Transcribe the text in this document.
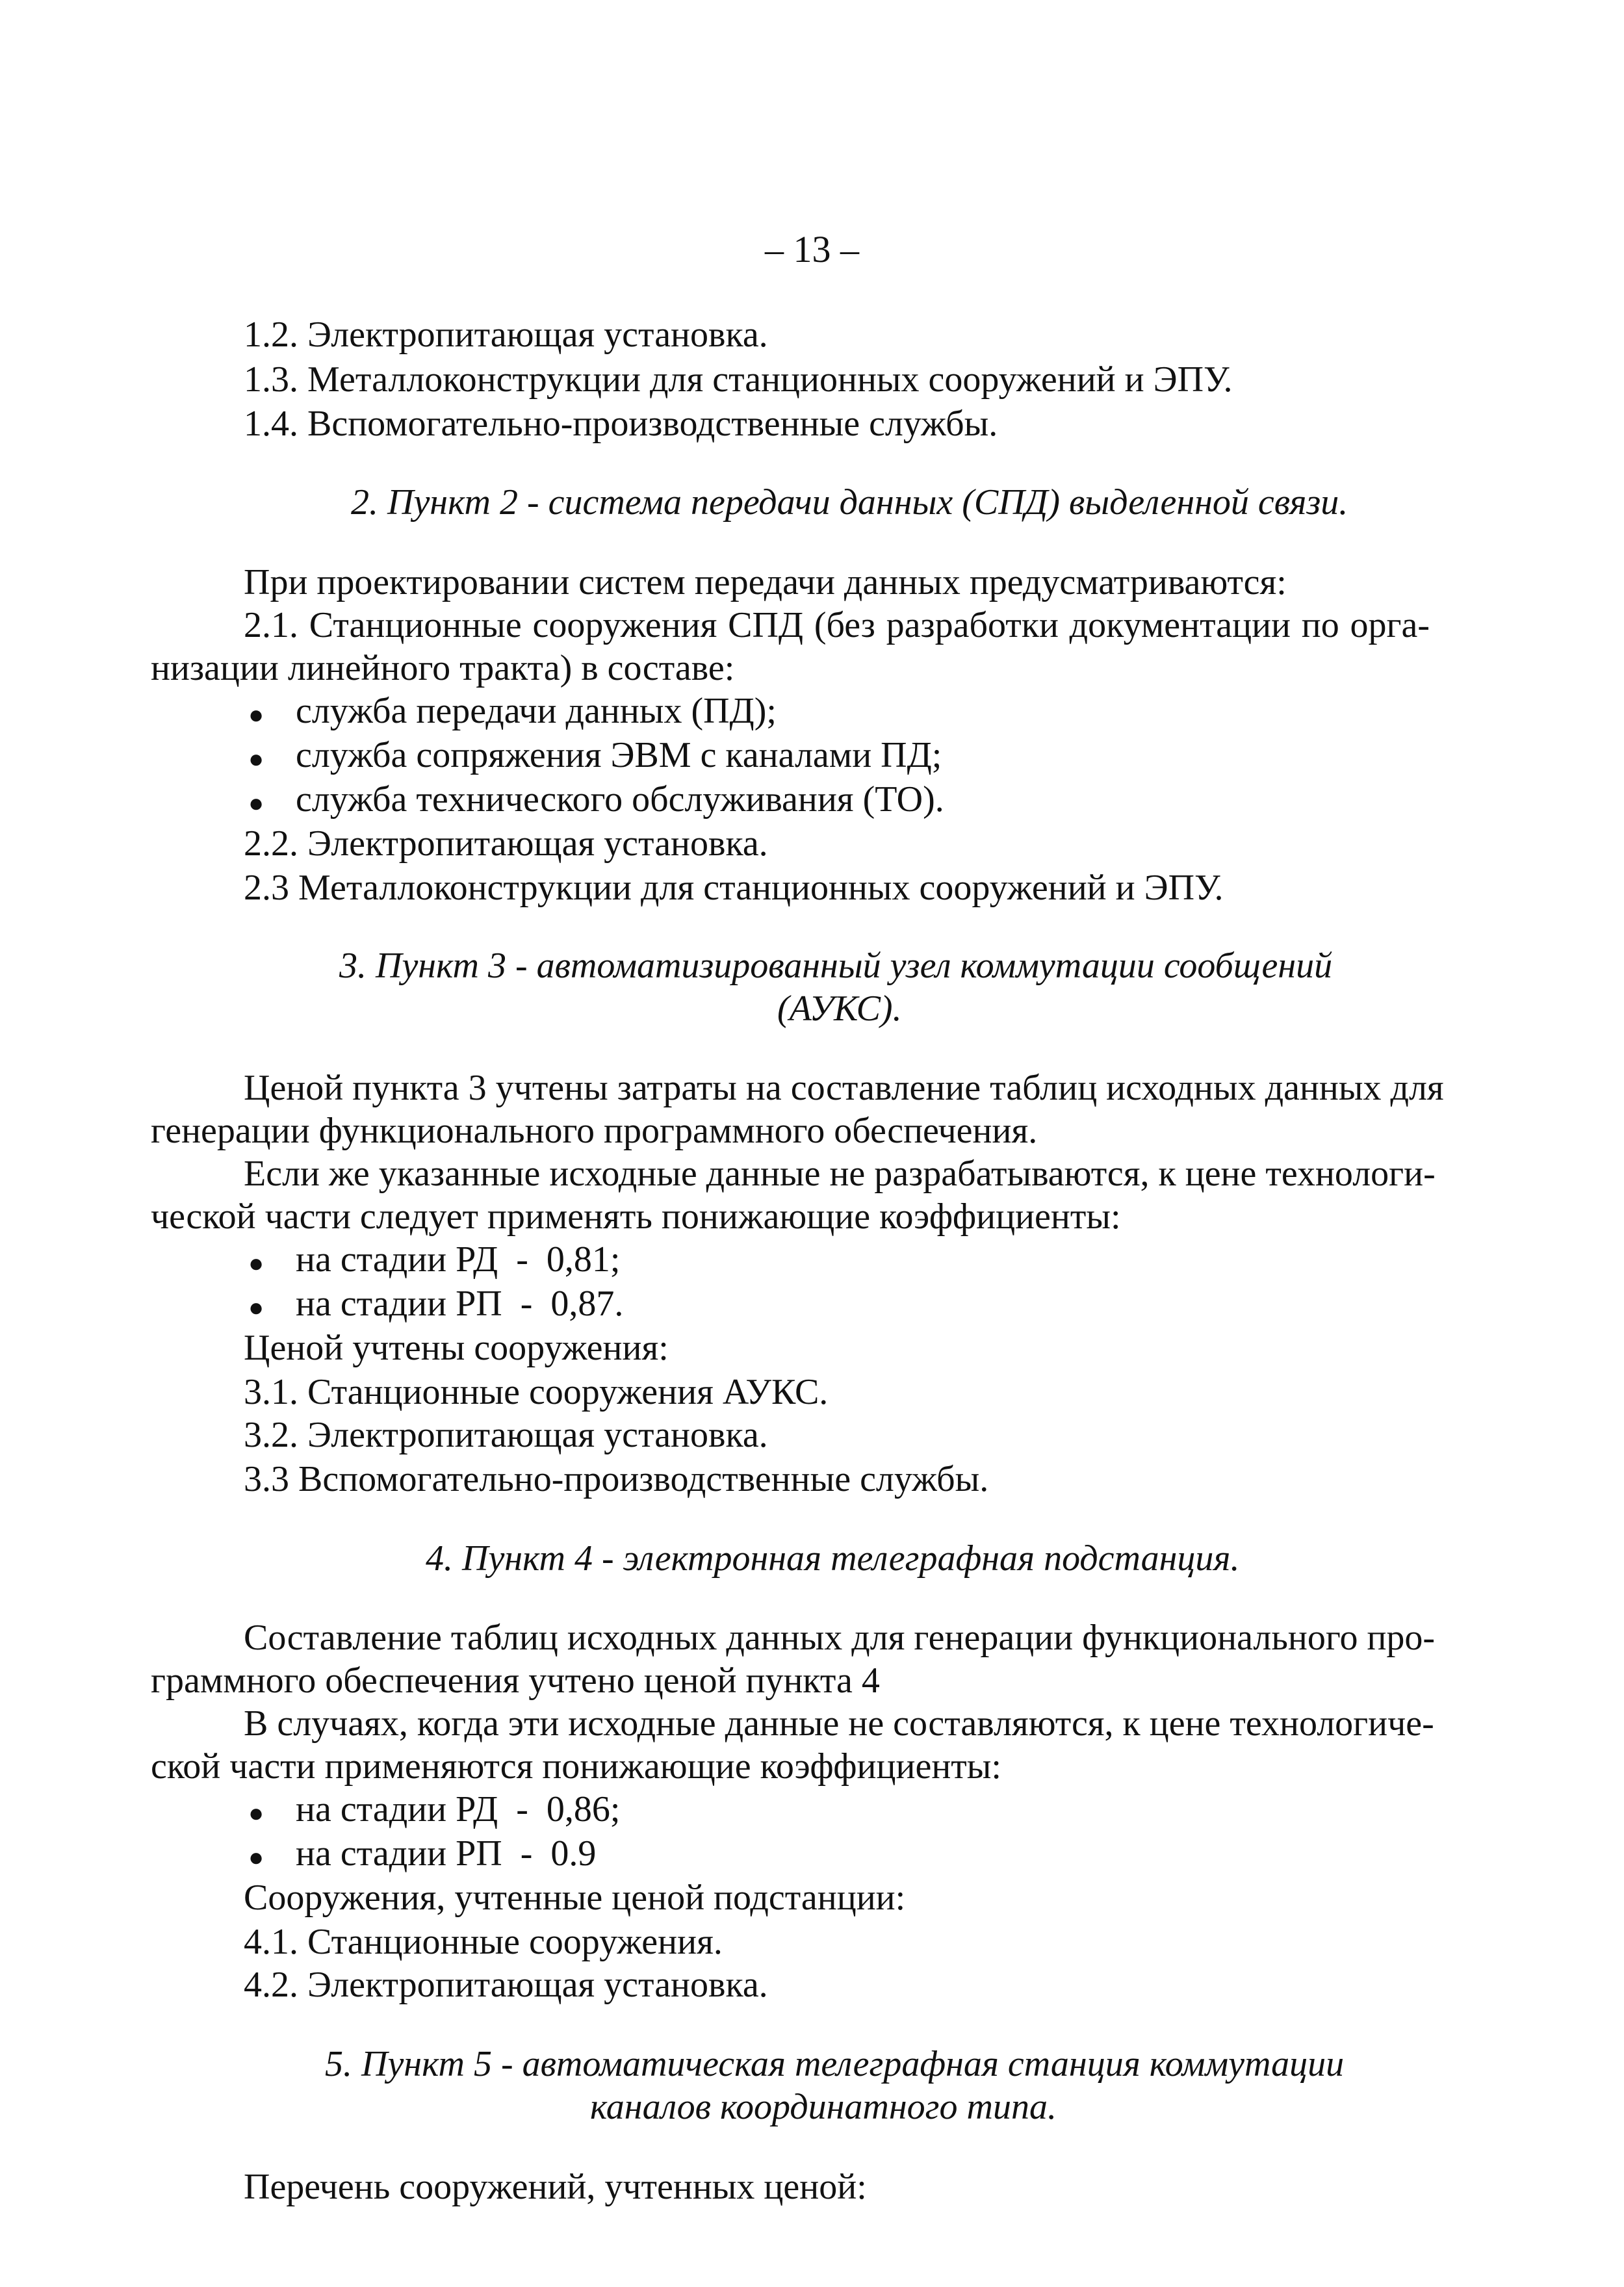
– 13 –
1.2. Электропитающая установка.
1.3. Металлоконструкции для станционных сооружений и ЭПУ.
1.4. Вспомогательно-производственные службы.
2. Пункт 2 - система передачи данных (СПД) выделенной связи.
При проектировании систем передачи данных предусматриваются:
2.1. Станционные сооружения СПД (без разработки документации по орга-
низации линейного тракта) в составе:
● служба передачи данных (ПД);
● служба сопряжения ЭВМ с каналами ПД;
● служба технического обслуживания (ТО).
2.2. Электропитающая установка.
2.3 Металлоконструкции для станционных сооружений и ЭПУ.
3. Пункт 3 - автоматизированный узел коммутации сообщений
(АУКС).
Ценой пункта 3 учтены затраты на составление таблиц исходных данных для
генерации функционального программного обеспечения.
Если же указанные исходные данные не разрабатываются, к цене технологи-
ческой части следует применять понижающие коэффициенты:
● на стадии РД  -  0,81;
● на стадии РП  -  0,87.
Ценой учтены сооружения:
3.1. Станционные сооружения АУКС.
3.2. Электропитающая установка.
3.3 Вспомогательно-производственные службы.
4. Пункт 4 - электронная телеграфная подстанция.
Составление таблиц исходных данных для генерации функционального про-
граммного обеспечения учтено ценой пункта 4
В случаях, когда эти исходные данные не составляются, к цене технологиче-
ской части применяются понижающие коэффициенты:
● на стадии РД  -  0,86;
● на стадии РП  -  0.9
Сооружения, учтенные ценой подстанции:
4.1. Станционные сооружения.
4.2. Электропитающая установка.
5. Пункт 5 - автоматическая телеграфная станция коммутации
каналов координатного типа.
Перечень сооружений, учтенных ценой:
